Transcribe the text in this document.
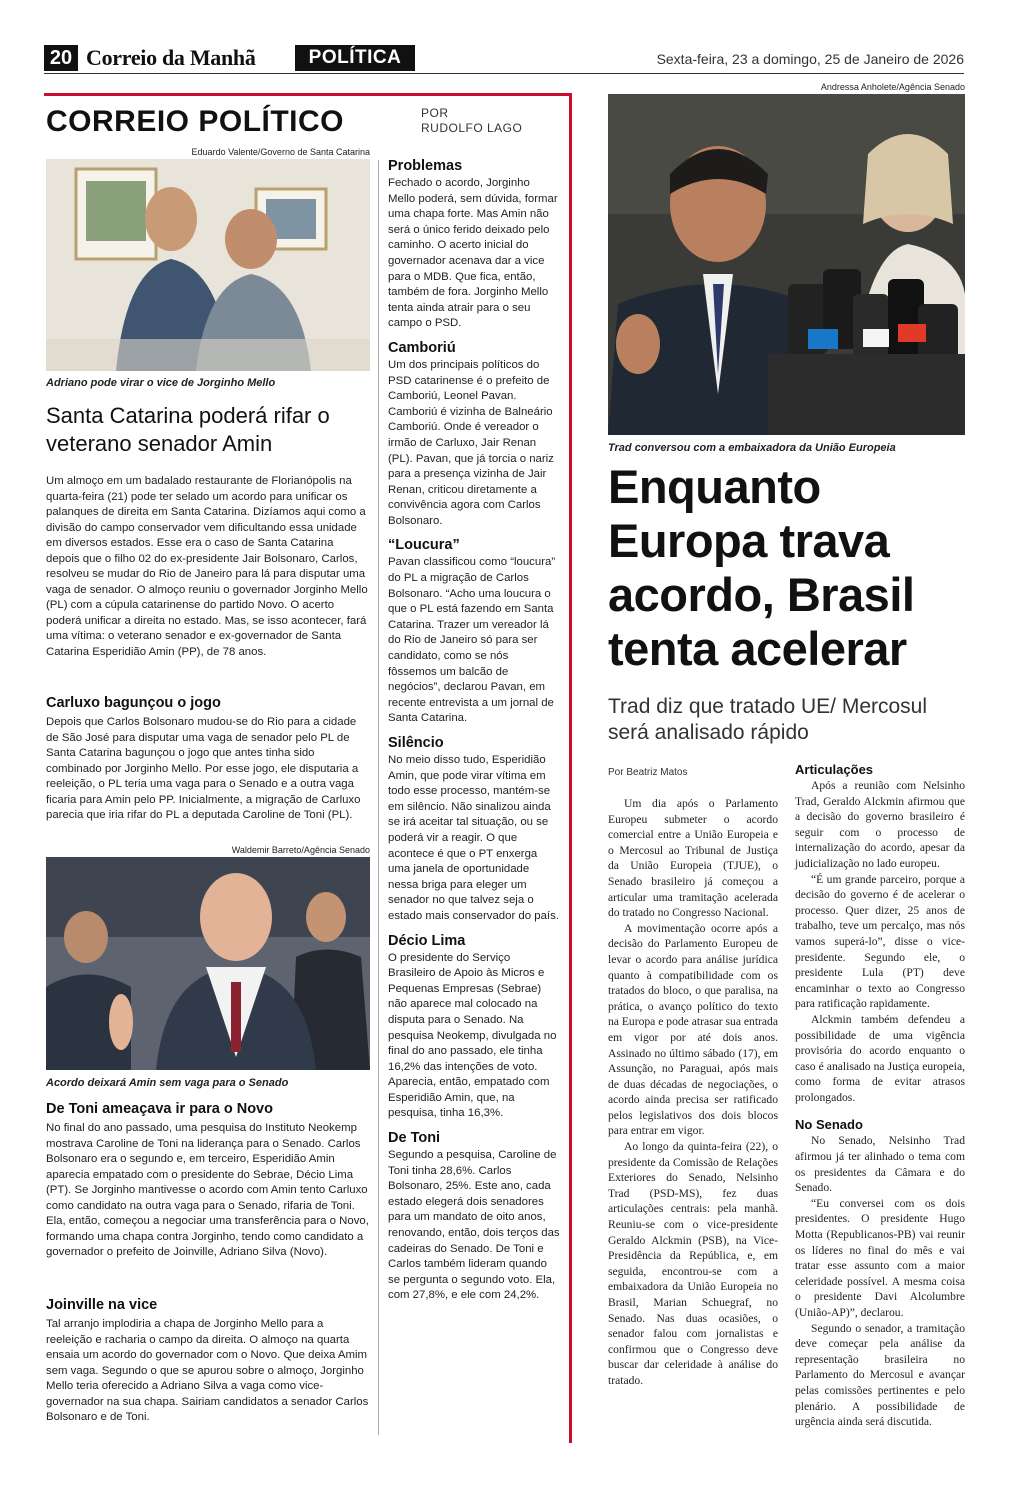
20 Correio da Manhã	POLÍTICA	Sexta-feira, 23 a domingo, 25 de Janeiro de 2026
CORREIO POLÍTICO	POR
RUDOLFO LAGO
Eduardo Valente/Governo de Santa Catarina
Adriano pode virar o vice de Jorginho Mello
Santa Catarina poderá rifar o veterano senador Amin
Um almoço em um badalado restaurante de Florianópolis na quarta-feira (21) pode ter selado um acordo para unificar os palanques de direita em Santa Catarina. Dizíamos aqui como a divisão do campo conservador vem dificultando essa unidade em diversos estados. Esse era o caso de Santa Catarina depois que o filho 02 do ex-presidente Jair Bolsonaro, Carlos, resolveu se mudar do Rio de Janeiro para lá para disputar uma vaga de senador. O almoço reuniu o governador Jorginho Mello (PL) com a cúpula catarinense do partido Novo. O acerto poderá unificar a direita no estado. Mas, se isso acontecer, fará uma vítima: o veterano senador e ex-governador de Santa Catarina Esperidião Amin (PP), de 78 anos.
Carluxo bagunçou o jogo
Depois que Carlos Bolsonaro mudou-se do Rio para a cidade de São José para disputar uma vaga de senador pelo PL de Santa Catarina bagunçou o jogo que antes tinha sido combinado por Jorginho Mello. Por esse jogo, ele disputaria a reeleição, o PL teria uma vaga para o Senado e a outra vaga ficaria para Amin pelo PP. Inicialmente, a migração de Carluxo parecia que iria rifar do PL a deputada Caroline de Toni (PL).
Waldemir Barreto/Agência Senado
Acordo deixará Amin sem vaga para o Senado
De Toni ameaçava ir para o Novo
No final do ano passado, uma pesquisa do Instituto Neokemp mostrava Caroline de Toni na liderança para o Senado. Carlos Bolsonaro era o segundo e, em terceiro, Esperidião Amin aparecia empatado com o presidente do Sebrae, Décio Lima (PT). Se Jorginho mantivesse o acordo com Amin tento Carluxo como candidato na outra vaga para o Senado, rifaria de Toni. Ela, então, começou a negociar uma transferência para o Novo, formando uma chapa contra Jorginho, tendo como candidato a governador o prefeito de Joinville, Adriano Silva (Novo).
Joinville na vice
Tal arranjo implodiria a chapa de Jorginho Mello para a reeleição e racharia o campo da direita. O almoço na quarta ensaia um acordo do governador com o Novo. Que deixa Amim sem vaga. Segundo o que se apurou sobre o almoço, Jorginho Mello teria oferecido a Adriano Silva a vaga como vice-governador na sua chapa. Sairiam candidatos a senador Carlos Bolsonaro e de Toni.
Problemas

Fechado o acordo, Jorginho Mello poderá, sem dúvida, formar uma chapa forte. Mas Amin não será o único ferido deixado pelo caminho. O acerto inicial do governador acenava dar a vice para o MDB. Que fica, então, também de fora. Jorginho Mello tenta ainda atrair para o seu campo o PSD.

Camboriú

Um dos principais políticos do PSD catarinense é o prefeito de Camboriú, Leonel Pavan. Camboriú é vizinha de Balneário Camboriú. Onde é vereador o irmão de Carluxo, Jair Renan (PL). Pavan, que já torcia o nariz para a presença vizinha de Jair Renan, criticou diretamente a convivência agora com Carlos Bolsonaro.

“Loucura”

Pavan classificou como “loucura” do PL a migração de Carlos Bolsonaro. “Acho uma loucura o que o PL está fazendo em Santa Catarina. Trazer um vereador lá do Rio de Janeiro só para ser candidato, como se nós fôssemos um balcão de negócios”, declarou Pavan, em recente entrevista a um jornal de Santa Catarina.

Silêncio

No meio disso tudo, Esperidião Amin, que pode virar vítima em todo esse processo, mantém-se em silêncio. Não sinalizou ainda se irá aceitar tal situação, ou se poderá vir a reagir. O que acontece é que o PT enxerga uma janela de oportunidade nessa briga para eleger um senador no que talvez seja o estado mais conservador do país.

Décio Lima

O presidente do Serviço Brasileiro de Apoio às Micros e Pequenas Empresas (Sebrae) não aparece mal colocado na disputa para o Senado. Na pesquisa Neokemp, divulgada no final do ano passado, ele tinha 16,2% das intenções de voto. Aparecia, então, empatado com Esperidião Amin, que, na pesquisa, tinha 16,3%.

De Toni

Segundo a pesquisa, Caroline de Toni tinha 28,6%. Carlos Bolsonaro, 25%. Este ano, cada estado elegerá dois senadores para um mandato de oito anos, renovando, então, dois terços das cadeiras do Senado. De Toni e Carlos também lideram quando se pergunta o segundo voto. Ela, com 27,8%, e ele com 24,2%.

Andressa Anholete/Agência Senado
Trad conversou com a embaixadora da União Europeia
Enquanto Europa trava acordo, Brasil tenta acelerar
Trad diz que tratado UE/ Mercosul será analisado rápido
Por Beatriz Matos

Um dia após o Parlamento Europeu submeter o acordo comercial entre a União Europeia e o Mercosul ao Tribunal de Justiça da União Europeia (TJUE), o Senado brasileiro já começou a articular uma tramitação acelerada do tratado no Congresso Nacional.

A movimentação ocorre após a decisão do Parlamento Europeu de levar o acordo para análise jurídica quanto à compatibilidade com os tratados do bloco, o que paralisa, na prática, o avanço político do texto na Europa e pode atrasar sua entrada em vigor por até dois anos. Assinado no último sábado (17), em Assunção, no Paraguai, após mais de duas décadas de negociações, o acordo ainda precisa ser ratificado pelos legislativos dos dois blocos para entrar em vigor.

Ao longo da quinta-feira (22), o presidente da Comissão de Relações Exteriores do Senado, Nelsinho Trad (PSD-MS), fez duas articulações centrais: pela manhã. Reuniu-se com o vice-presidente Geraldo Alckmin (PSB), na Vice-Presidência da República, e, em seguida, encontrou-se com a embaixadora da União Europeia no Brasil, Marian Schuegraf, no Senado. Nas duas ocasiões, o senador falou com jornalistas e confirmou que o Congresso deve buscar dar celeridade à análise do tratado.

Articulações

Após a reunião com Nelsinho Trad, Geraldo Alckmin afirmou que a decisão do governo brasileiro é seguir com o processo de internalização do acordo, apesar da judicialização no lado europeu.

“É um grande parceiro, porque a decisão do governo é de acelerar o processo. Quer dizer, 25 anos de trabalho, teve um percalço, mas nós vamos superá-lo”, disse o vice-presidente. Segundo ele, o presidente Lula (PT) deve encaminhar o texto ao Congresso para ratificação rapidamente.

Alckmin também defendeu a possibilidade de uma vigência provisória do acordo enquanto o caso é analisado na Justiça europeia, como forma de evitar atrasos prolongados.

No Senado

No Senado, Nelsinho Trad afirmou já ter alinhado o tema com os presidentes da Câmara e do Senado.

“Eu conversei com os dois presidentes. O presidente Hugo Motta (Republicanos-PB) vai reunir os líderes no final do mês e vai tratar esse assunto com a maior celeridade possível. A mesma coisa o presidente Davi Alcolumbre (União-AP)”, declarou.

Segundo o senador, a tramitação deve começar pela análise da representação brasileira no Parlamento do Mercosul e avançar pelas comissões pertinentes e pelo plenário. A possibilidade de urgência ainda será discutida.
